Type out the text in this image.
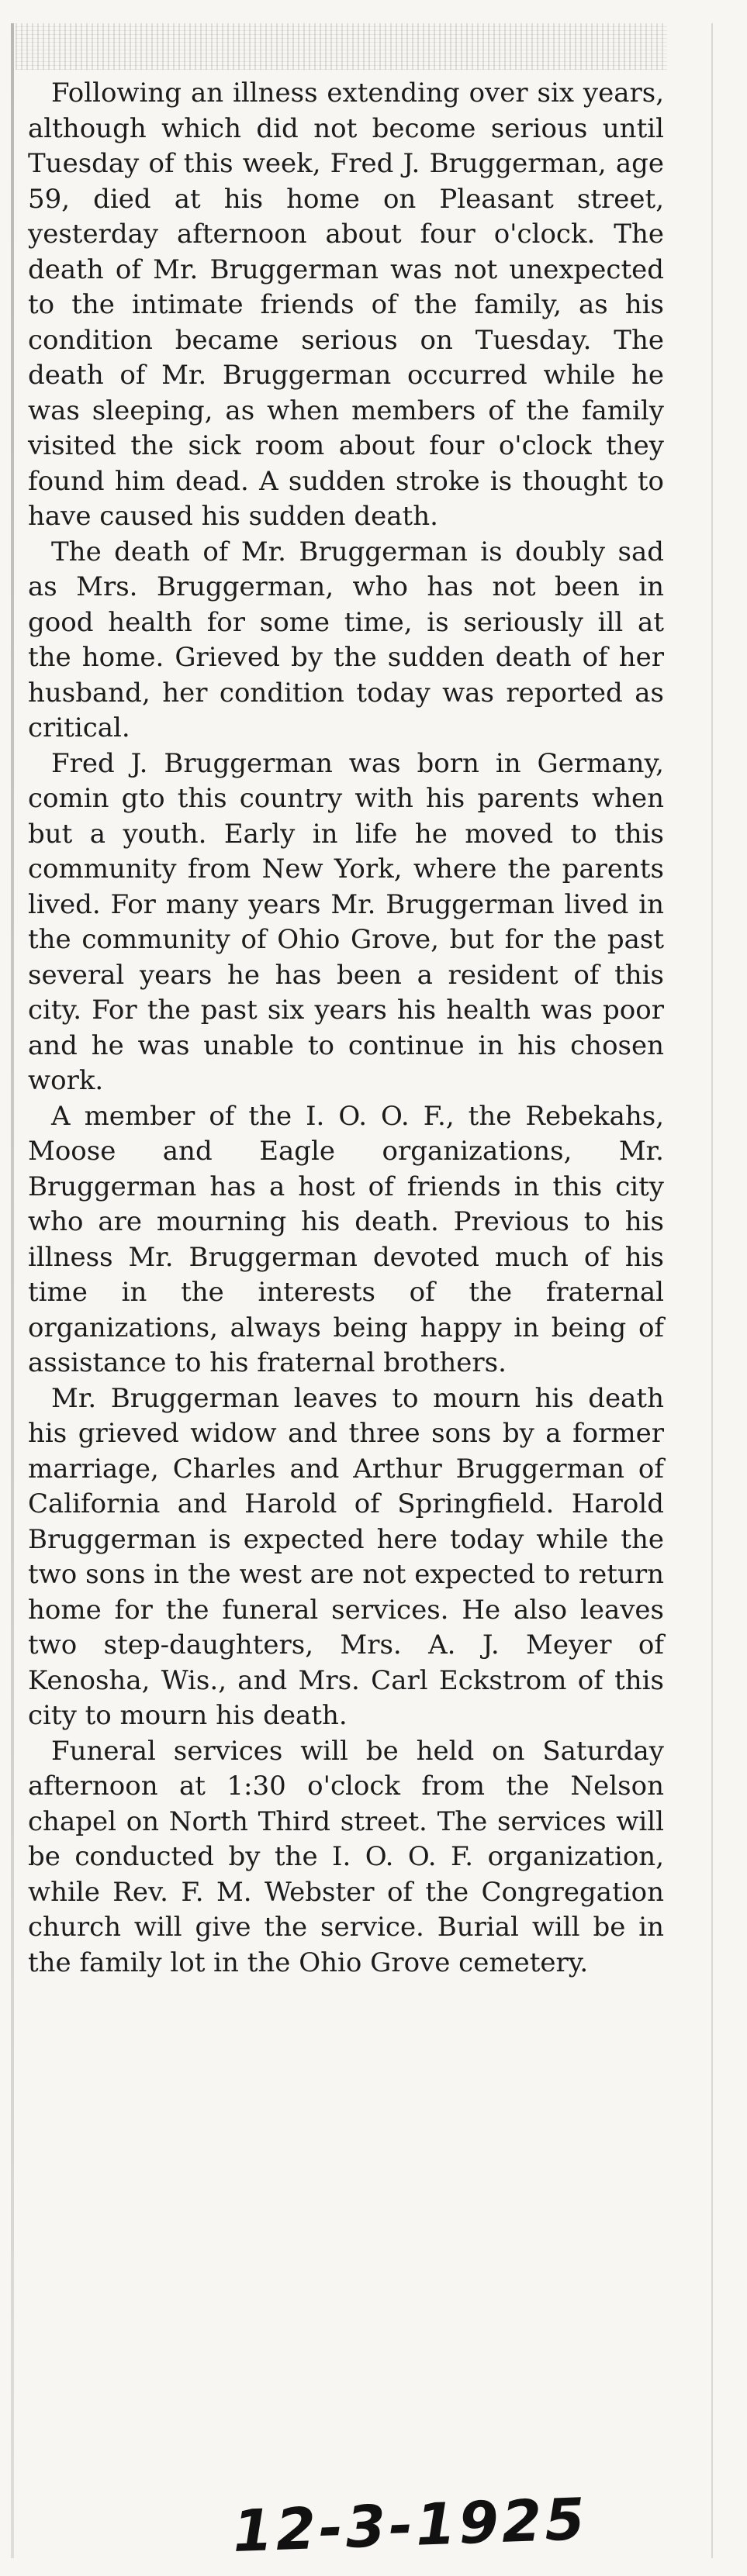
Following an illness extending over six years, although which did not become serious until Tuesday of this week, Fred J. Bruggerman, age 59, died at his home on Pleasant street, yesterday afternoon about four o'clock. The death of Mr. Bruggerman was not unexpected to the intimate friends of the family, as his condition became serious on Tuesday. The death of Mr. Bruggerman occurred while he was sleeping, as when members of the family visited the sick room about four o'clock they found him dead. A sudden stroke is thought to have caused his sudden death.

The death of Mr. Bruggerman is doubly sad as Mrs. Bruggerman, who has not been in good health for some time, is seriously ill at the home. Grieved by the sudden death of her husband, her condition today was reported as critical.

Fred J. Bruggerman was born in Germany, comin gto this country with his parents when but a youth. Early in life he moved to this community from New York, where the parents lived. For many years Mr. Bruggerman lived in the community of Ohio Grove, but for the past several years he has been a resident of this city. For the past six years his health was poor and he was unable to continue in his chosen work.

A member of the I. O. O. F., the Rebekahs, Moose and Eagle organizations, Mr. Bruggerman has a host of friends in this city who are mourning his death. Previous to his illness Mr. Bruggerman devoted much of his time in the interests of the fraternal organizations, always being happy in being of assistance to his fraternal brothers.

Mr. Bruggerman leaves to mourn his death his grieved widow and three sons by a former marriage, Charles and Arthur Bruggerman of California and Harold of Springfield. Harold Bruggerman is expected here today while the two sons in the west are not expected to return home for the funeral services. He also leaves two step-daughters, Mrs. A. J. Meyer of Kenosha, Wis., and Mrs. Carl Eckstrom of this city to mourn his death.

Funeral services will be held on Saturday afternoon at 1:30 o'clock from the Nelson chapel on North Third street. The services will be conducted by the I. O. O. F. organization, while Rev. F. M. Webster of the Congregation church will give the service. Burial will be in the family lot in the Ohio Grove cemetery.

12-3-1925
